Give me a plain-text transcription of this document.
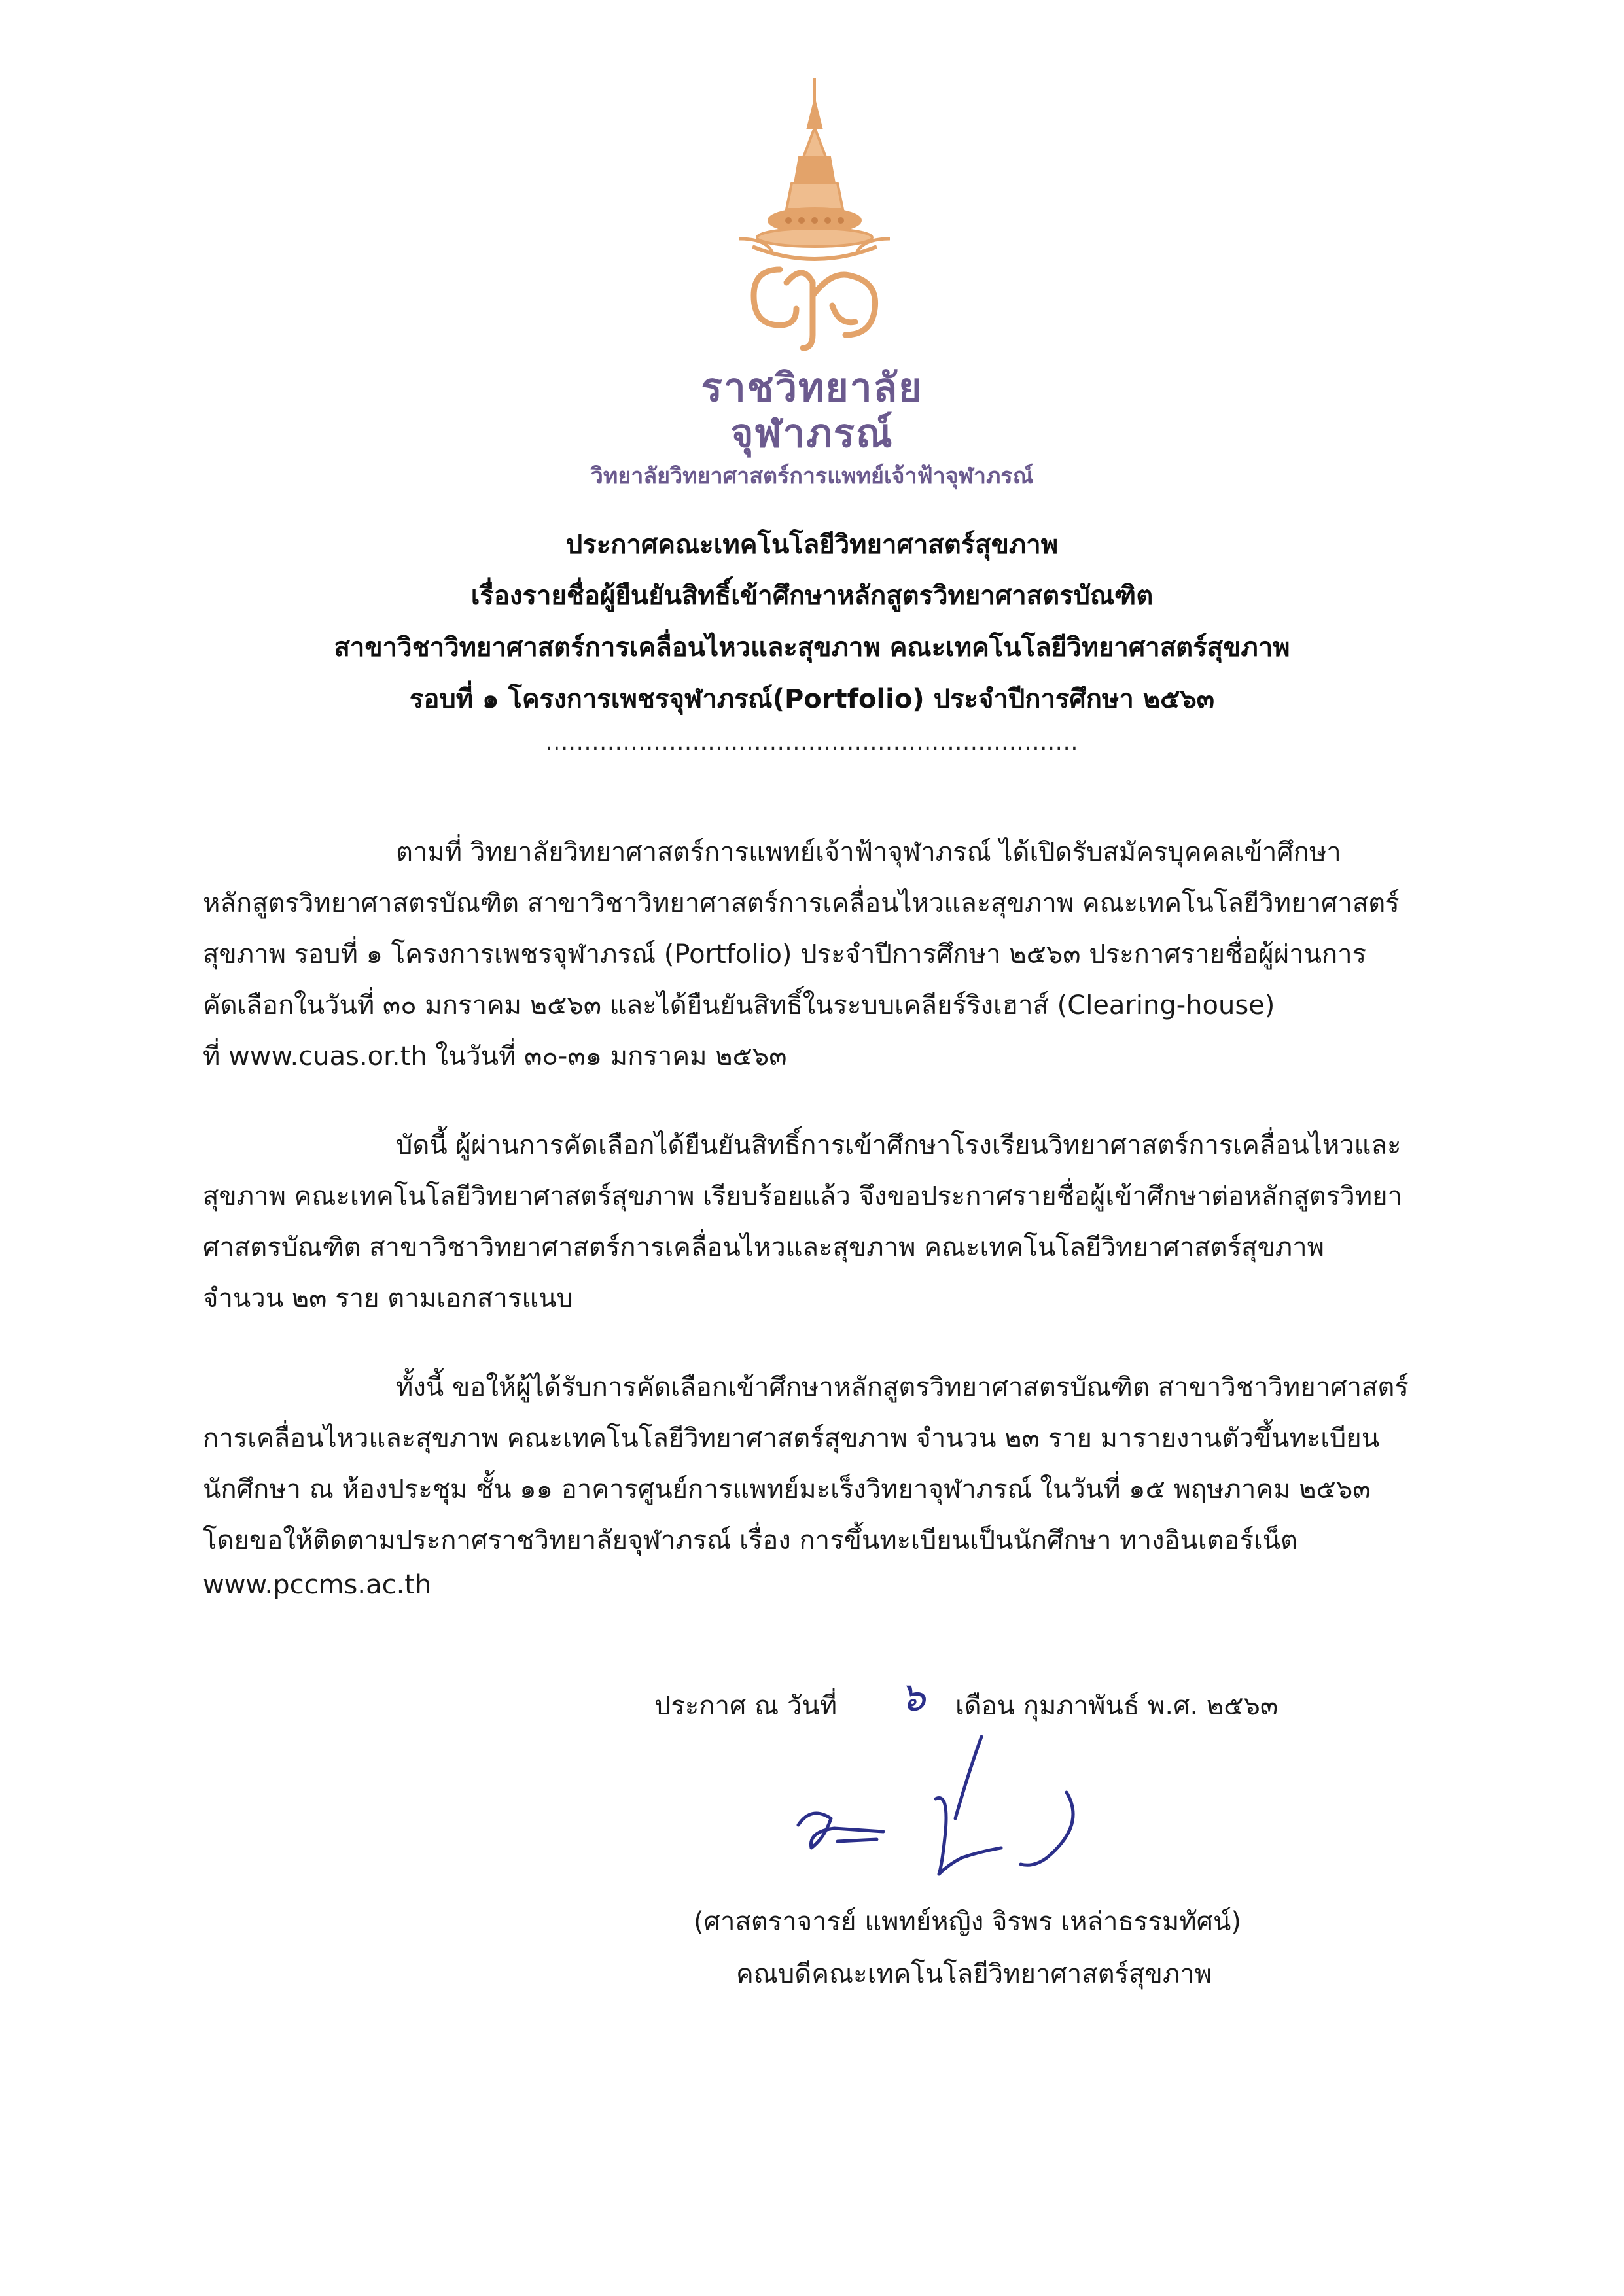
ราชวิทยาลัย
จุฬาภรณ์
วิทยาลัยวิทยาศาสตร์การแพทย์เจ้าฟ้าจุฬาภรณ์
ประกาศคณะเทคโนโลยีวิทยาศาสตร์สุขภาพ
เรื่องรายชื่อผู้ยืนยันสิทธิ์เข้าศึกษาหลักสูตรวิทยาศาสตรบัณฑิต
สาขาวิชาวิทยาศาสตร์การเคลื่อนไหวและสุขภาพ คณะเทคโนโลยีวิทยาศาสตร์สุขภาพ
รอบที่ ๑ โครงการเพชรจุฬาภรณ์(Portfolio) ประจำปีการศึกษา ๒๕๖๓
.....................................................................
ตามที่ วิทยาลัยวิทยาศาสตร์การแพทย์เจ้าฟ้าจุฬาภรณ์ ได้เปิดรับสมัครบุคคลเข้าศึกษา
หลักสูตรวิทยาศาสตรบัณฑิต สาขาวิชาวิทยาศาสตร์การเคลื่อนไหวและสุขภาพ คณะเทคโนโลยีวิทยาศาสตร์
สุขภาพ รอบที่ ๑ โครงการเพชรจุฬาภรณ์ (Portfolio) ประจำปีการศึกษา ๒๕๖๓ ประกาศรายชื่อผู้ผ่านการ
คัดเลือกในวันที่ ๓๐ มกราคม ๒๕๖๓ และได้ยืนยันสิทธิ์ในระบบเคลียร์ริงเฮาส์ (Clearing-house)
ที่ www.cuas.or.th ในวันที่ ๓๐-๓๑ มกราคม ๒๕๖๓
บัดนี้ ผู้ผ่านการคัดเลือกได้ยืนยันสิทธิ์การเข้าศึกษาโรงเรียนวิทยาศาสตร์การเคลื่อนไหวและ
สุขภาพ คณะเทคโนโลยีวิทยาศาสตร์สุขภาพ เรียบร้อยแล้ว จึงขอประกาศรายชื่อผู้เข้าศึกษาต่อหลักสูตรวิทยา
ศาสตรบัณฑิต สาขาวิชาวิทยาศาสตร์การเคลื่อนไหวและสุขภาพ คณะเทคโนโลยีวิทยาศาสตร์สุขภาพ
จำนวน ๒๓ ราย ตามเอกสารแนบ
ทั้งนี้ ขอให้ผู้ได้รับการคัดเลือกเข้าศึกษาหลักสูตรวิทยาศาสตรบัณฑิต สาขาวิชาวิทยาศาสตร์
การเคลื่อนไหวและสุขภาพ คณะเทคโนโลยีวิทยาศาสตร์สุขภาพ จำนวน ๒๓ ราย มารายงานตัวขึ้นทะเบียน
นักศึกษา ณ ห้องประชุม ชั้น ๑๑ อาคารศูนย์การแพทย์มะเร็งวิทยาจุฬาภรณ์ ในวันที่ ๑๕ พฤษภาคม ๒๕๖๓
โดยขอให้ติดตามประกาศราชวิทยาลัยจุฬาภรณ์ เรื่อง การขึ้นทะเบียนเป็นนักศึกษา ทางอินเตอร์เน็ต
www.pccms.ac.th
ประกาศ ณ วันที่ ๖ เดือน กุมภาพันธ์ พ.ศ. ๒๕๖๓
(ศาสตราจารย์ แพทย์หญิง จิรพร เหล่าธรรมทัศน์)
คณบดีคณะเทคโนโลยีวิทยาศาสตร์สุขภาพ
